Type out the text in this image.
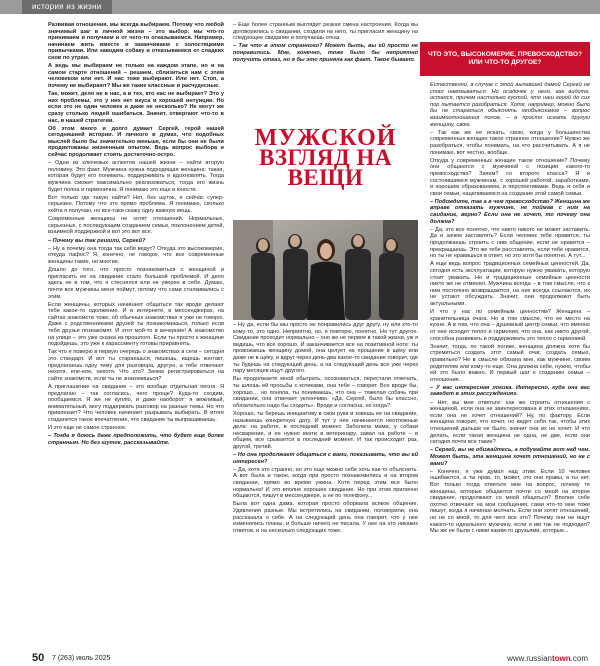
история из жизни

Развивая отношения, мы всегда выбираем. Потому что любой значимый шаг в личной жизни – это выбор: мы что-то принимаем и получаем и от чего-то отказываемся. Например, начинаем жить вместе и заканчиваем с холостяцкими привычками. Или заводим собаку и отказываемся от сладких снов по утрам.

А ведь мы выбираем не только на каждом этапе, но и на самом старте отношений – решаем, сблизиться нам с этим человеком или нет. И нас тоже выбирают. Или нет. Стоп, а почему не выбирают? Мы же такие классные и расчудесные.

Так, может, дело не в нас, а в тех, кто нас не выбирает? Это у них проблемы, это у них нет вкуса и хорошей интуиции. Но если это не один человек и даже не несколько? Не могут же сразу столько людей ошибаться. Значит, отвергают что-то в нас, в нашей стратегии.

Об этом много и долго думает Сергей, герой нашей сегодняшней истории. И личного в думах, что подобных мыслей было бы значительно меньше, если бы они не были продиктованы жизненным опытом. Ведь вопрос выбора и сейчас продолжает стоять достаточно остро.

– Одни из ключевых аспектов нашей жизни – найти вторую половину. Это факт. Мужчина нужна подходящая женщина: такая, которая будет его понимать, поддерживать и вдохновлять. Тогда мужчина сможет максимально реализоваться, тогда его жизнь будет полна и гармонична. Я понимаю это еще в юности.

Вот только где такую найти? Нет, без шуток, я сейчас супер-серьезен. Потому что это прямо проблема. Я понимаю, сколько хейта я получаю, но все-таки скажу одну важную вещь.

Современные женщины не хотят отношений. Нормальных, серьезных, с последующим созданием семьи, поклонением детей, взаимной поддержкой и вот это вот все.

– Почему вы так решили, Сергей?

– Ну а почему она тогда так себя ведут? Откуда это высокомерие, откуда пафос? Я, конечно, не говорю, что все современные женщины такие, но многие.

Дошло до того, что просто познакомиться с женщиной и пригласить ее на свидание стало большой проблемой. И дело здесь не в том, что я стеснялся или не уверен в себе. Думаю, почти все мужчины меня поймут, потому что сами сталкивались с этим.

Если женщины, которых начинают общаться так вроде делают тебе какое-то одолжение. И в интернете, в мессенджерах, на сайтах знакомств тоже, об обычных знакомствах я уже не говорю. Даже с родственниками друзей ты познакомишься, только если тебя друзья познакомят. И этот мой-то в вечерние! А знакомство на улице – это уже сказка из прошлого. Если ты просто к женщине подойдешь, это уже к харассменту готовы приравнять.

Так что я поверю в первую очередь о знакомствах в сети – сегодня это стандарт. И вот ты стараешься, пишешь, ищешь контакт, предлагаешь одну тему для разговора, другую, а тебе отвечают нехотя, еле-еле, нехотя. Что это? Зачем регистрироваться на сайте знакомств, если ты не знакомишься?

А приглашение на свидание – это вообще отдельная песня. Я предлагаю – так согласись, чего проще? Куда-то сходим, пообщаемся. Я же не куплю, и даже наоборот: я вежливый, внимательный, могу поддержать разговор на разные темы. Но что привлекает? Что человек начинает разрывать выбирать. В итоге созданется такое впечатление, что свидание ты выпрашиваешь.

И это еще не самое странное.

– Тогда я боюсь даже предположить, что будет еще более странным. Но без шуток, рассказывайте.

– Еще более странным выглядит резкая смена настроения. Когда вы договорились о свидании, сходили на него, ты пригласил женщину на следующее свидание и получаешь отказ.

– Так что в этом странного? Может быть, вы ей просто не понравились. Мне, конечно, тоже было бы неприятно получить отказ, но я бы это приняла как факт. Такое бывает.

МУЖСКОЙ
ВЗГЛЯД НА ВЕЩИ

– Ну да, если бы мы просто не понравились друг другу, ну или кто-то кому-то, это одно. Неприятно, но, я повторю, понятно. Но тут другое. Свидание проходит нормально – оно же не первое в такой жизни, уж я видишь, что все хорошо. И заканчивается все на позитивной ноте: ты провожаешь женщину домой, она целует на прощание в щёку или даже не в щёку, и вдруг через день-два какое-то свидание говорит, где ты будешь на следующий день, а на следующий день все уже через пару месяцев ищут другого.

Вы продолжаете мной обыграть, осознаваться, перестали отвечать, ты шлешь ей просьбы с котиками, она тебе – говорит. Все вроде бы, хорошо… но поняла, ты понимаешь, что она – тяжелая собачь при свидании, она отвечает уклончиво. «Да, Сергей, было бы классно, обязательно надо бы сходить». Вроде и согласна, но когда?

Хорошо, ты берешь инициативу в свои руки и зовешь ее на свидание, называешь конкретную дату. И тут у нее начинаются неотложные дела: на работе, в последний момент. Заболела мама, у собаки несварение, и ее нужно везти в ветеринару, завал на работе – в общем, все срывается в последний момент. И так происходит раз, другой, третий.

– Но она продолжает общаться с вами, показывать, что вы ей интересен?

– Да, хотя это странно, но это еще можно себе хоть как-то объяснить. А вот была и такое, когда при просто познакомились и на втором свидании, прямо во время ужина. Хотя перед этим все было нормально! И это вполне хорошее свидание. Но при этом прилично общаются, пишут в мессенджере, а не по телефону...

Была вот одна дама, которая просто оборвала всякое общение. Удивления разные. Мы встретились на свидании, поговорили, она рассказала о себе. А на следующий день она говорит, что у нее изменились планы, и больше ничего не писала. У нее на это никаких ответов, и на несколько следующих тоже.

ЧТО ЭТО, ВЫСОКОМЕРИЕ, ПРЕВОСХОДСТВО? ИЛИ ЧТО-ТО ДРУГОЕ?

Естественно, в случае с этой выпавшей дамой Сергей не стал навязываться. Но осадочек у него, как видите, остался, причем настолько густой, что наш герой до сих пор пытается разобраться. Хотя, например, можно было бы не стараться объяснять необъяснимое – вопрос взаимоотношения полов, – а просто искать другую женщину, свою.

– Так как же ее искать, свою, когда у большинства современных женщин такое странное отношение? Нужно же разобраться, чтобы понимать, на что рассчитывать. А я не понимаю, вот честно, вообще.

Откуда у современных женщин такое отношение? Почему они общаются с мужчиной с позиции какого-то превосходства? Зачем? со второго класса? Я и состоявшимся мужчинам, с хорошей работой, заработками, и хорошим образованием, и перспективами. Ведь я себя и свои семьи, нацеливаемся на создание этой самой семьи.

– Подождите, так а в чем превосходство? Женщина же вправе отказать мужчине, не поймав с ним на свидание, верно? Если она не хочет, то почему она должна?

– Да, это все понятно, что никто никого не может заставить. Да и зачем заставлять? Если человек тебе нравится, ты продолжаешь строить с ним общение, если не нравится – прекращаешь. Это же тебе расставлять, если тебе нравится, но ты не нравишься в ответ, но это хотя бы понятно. А тут...

А еще ведь вопрос традиционных семейных ценностей. Да, сегодня есть эксплуатации, которую нужно уважать, которую стоит уважать. Но и традиционные семейные ценности никто же не отменял. Мужчина всегда – в том смысле, что к ним постоянно возвращаются, на них всегда ссылаются, их не устают обсуждать. Значит, они продолжают быть актуальными.

И что у нас по семейным ценностям? Женщина – хранительница очага. Но в том смысле, что ее место на кухне. А в том, что она – душевный центр семьи, что именно от нее исходит тепло и гармония, что она, как никто другой, способна развивать и поддерживать это тепло с гармонией.

Значит, тогда, по такой логике, женщина должна хотя бы стремиться создать этот самый очаг, создать семью, правильно? Не в смысле обязана мне, как мужчине, своим родителям или кому-то еще. Она должна себе, нужно, чтобы ей это было важно. И первый шаг к созданию семьи – отношения.

– У вас интересная логика. Интересно, куда она вас заведет в этих рассуждениях.

– Нет, вы мне ответьте: как же строить отношения с женщиной, если она не заинтересована в этих отношениях, если она не хочет отношений? Ну, по фактору. Если женщина говорит, что хочет, но ведет себя так, чтобы этих отношений дальше не было, значит она их не хочет. И что делать, если такая женщина не одна, не две, если они сегодня почти все такие?

– Сергей, вы не обижайтесь, а подумайте вот над чем. Может быть, эта женщина хочет отношений, но не с вами?

– Конечно, я уже думал над этим. Если 10 человек ошибаются, а ты прав, то, может, это они правы, а ты нет. Вот только тогда ответьте мне на вопрос, почему те женщины, которые общаются почти со мной на второе свидание, продолжают со мной общаться? Вполне себе охотно отвечают на мои сообщения, сами что-то мне тоже пишут, когда я начинаю молчать. Если они хотят отношений, но не со мной, то для чего все это? Почему они не ищут какого-то идеального мужчину, если я им так не подходил? Мы же не были с ними каким-то друзьями, которые...

50 7 (263) июль 2025	www.russiantown.com
